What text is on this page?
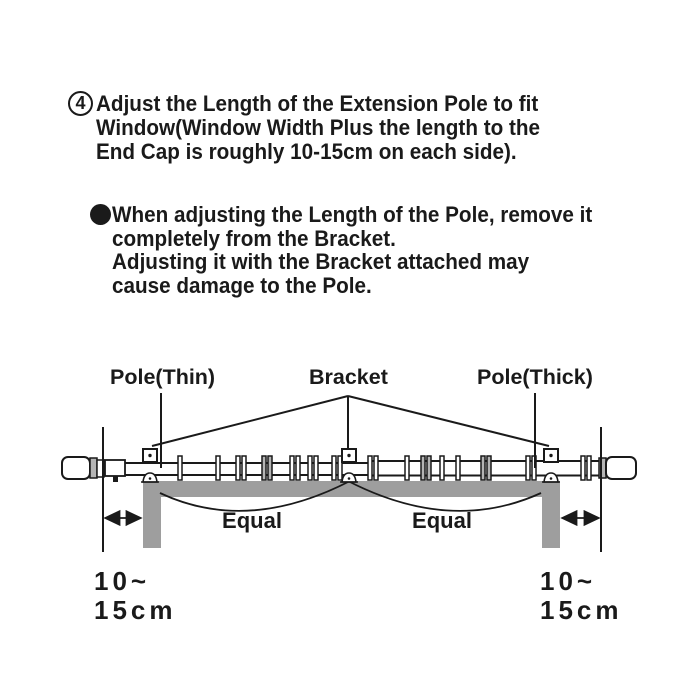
4 Adjust the Length of the Extension Pole to fit
Window(Window Width Plus the length to the
End Cap is roughly 10-15cm on each side).
When adjusting the Length of the Pole, remove it
completely from the Bracket.
Adjusting it with the Bracket attached may
cause damage to the Pole.
Pole(Thin)	Bracket	Pole(Thick)
Equal	Equal
10~
15cm
10~
15cm
